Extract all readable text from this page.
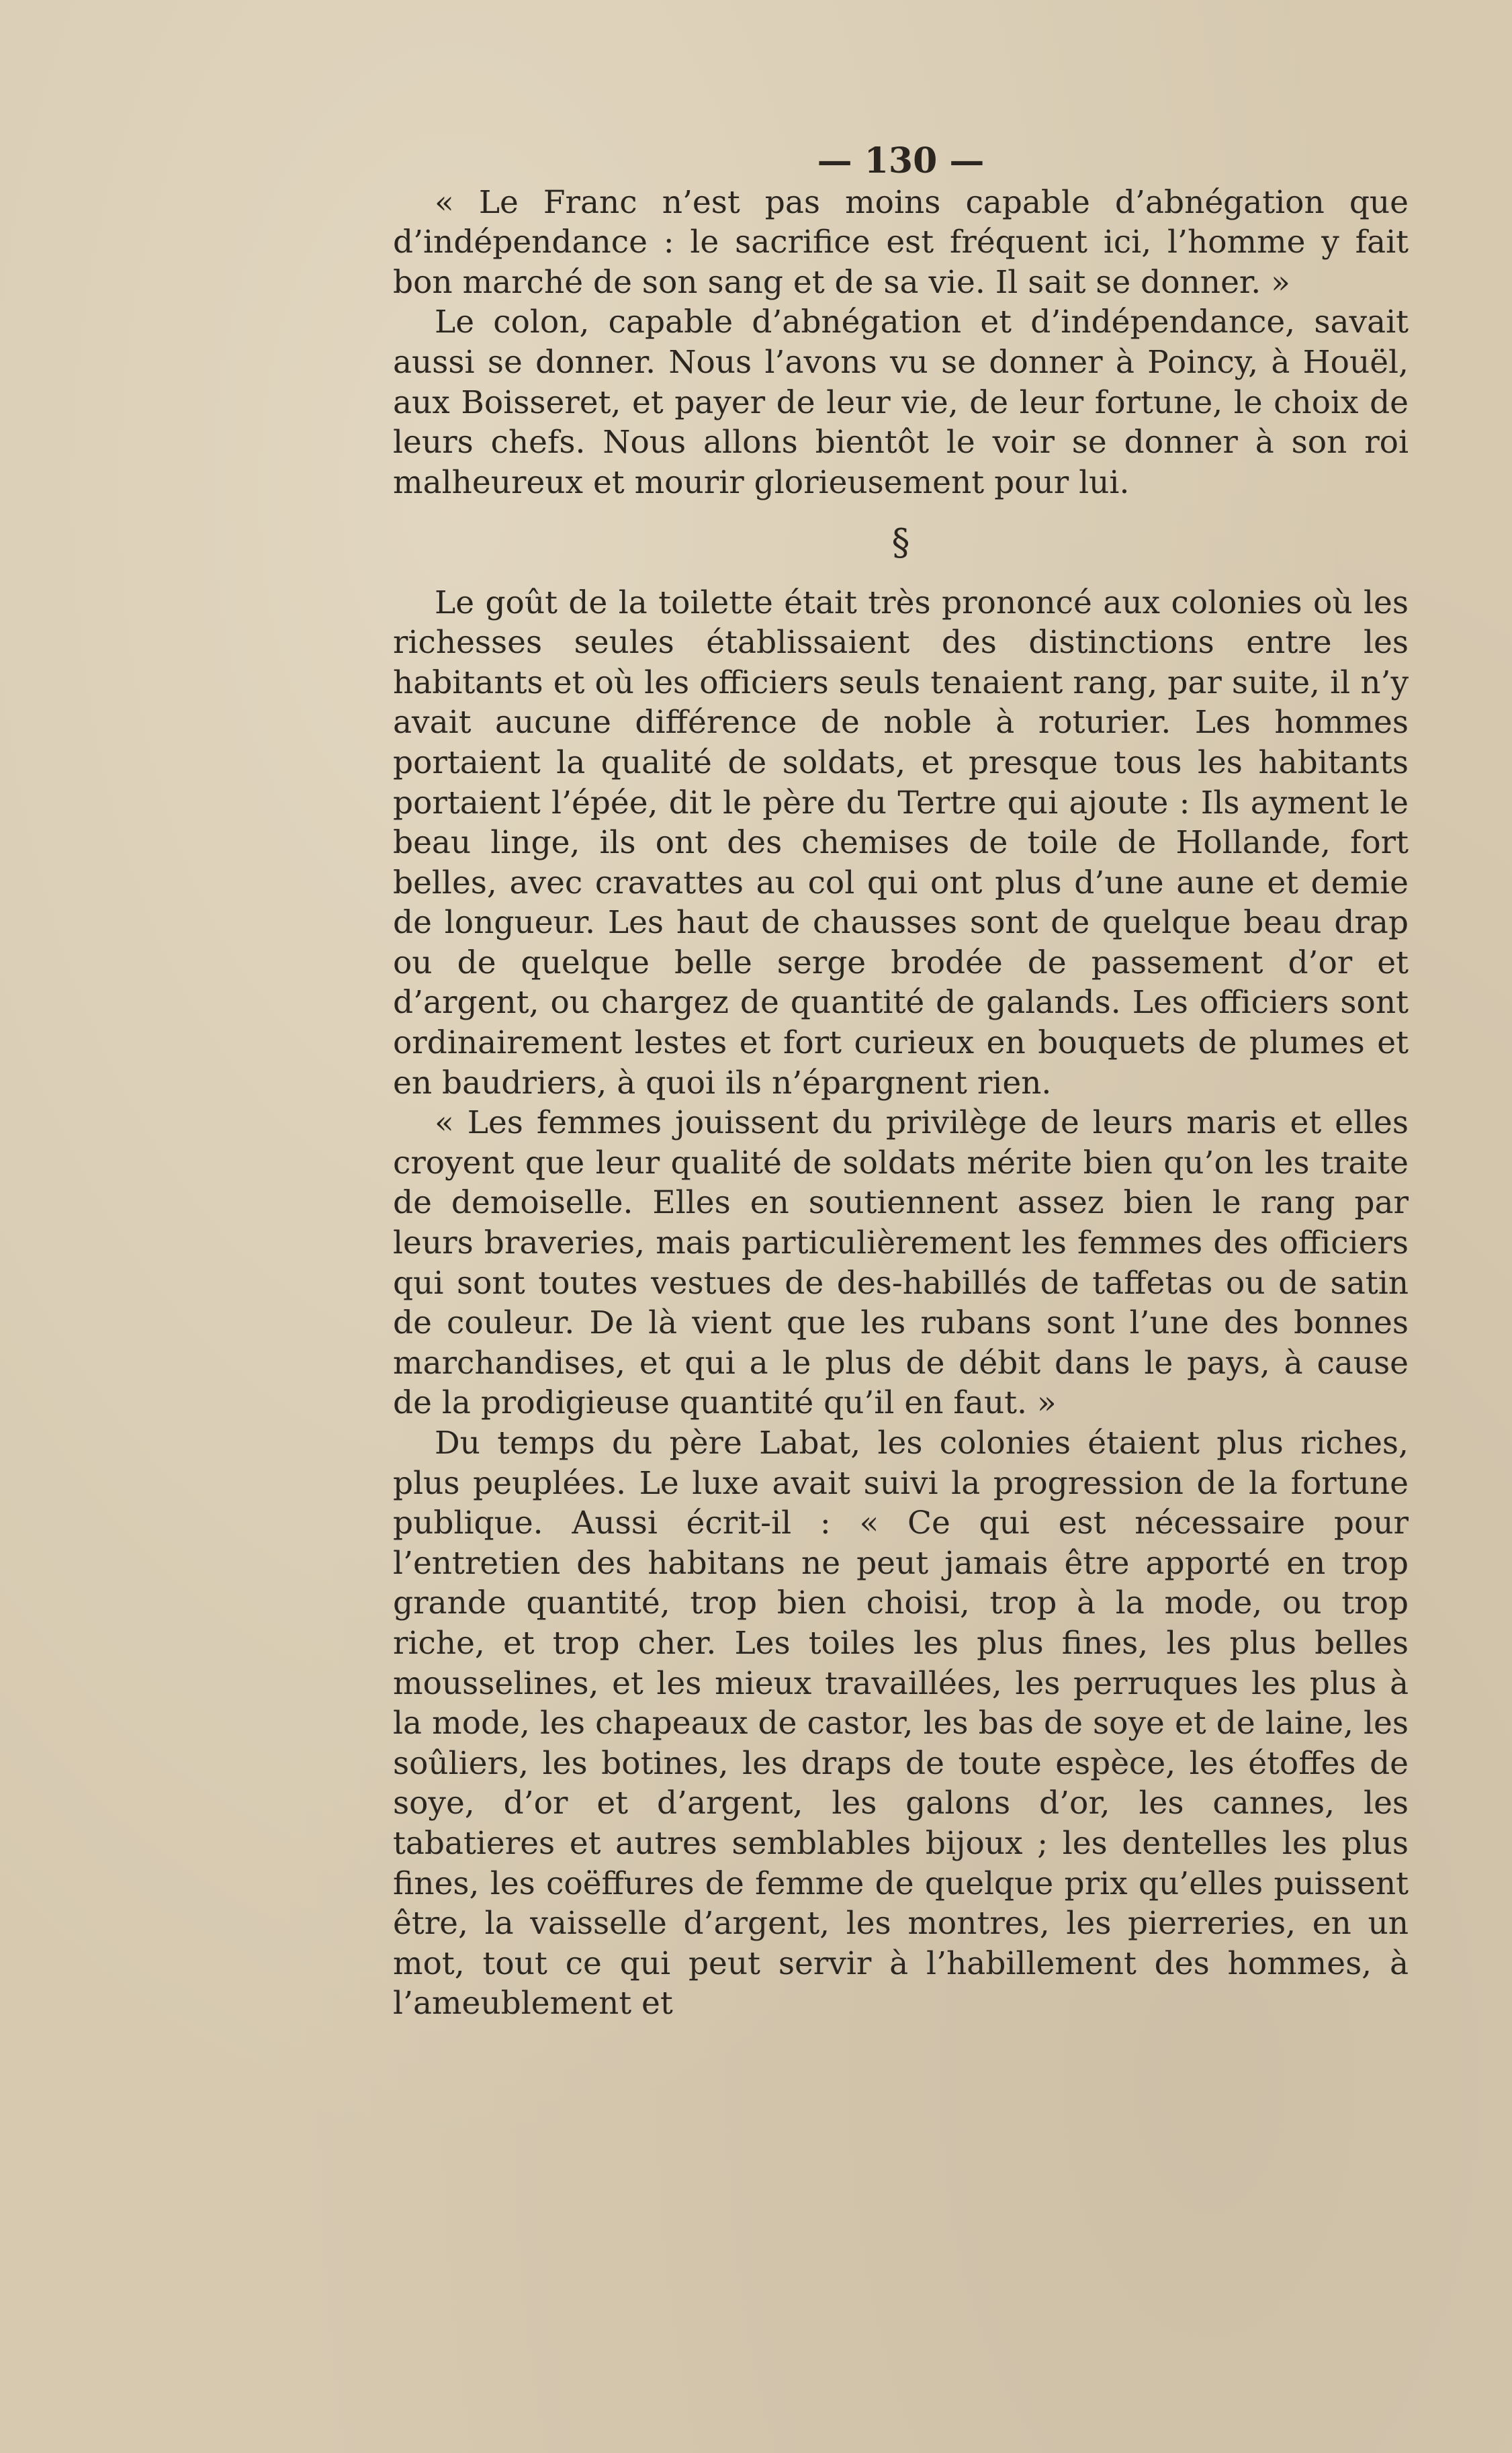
— 130 —

« Le Franc n’est pas moins capable d’abnégation que d’indépendance : le sacrifice est fréquent ici, l’homme y fait bon marché de son sang et de sa vie. Il sait se donner. »

Le colon, capable d’abnégation et d’indépendance, savait aussi se donner. Nous l’avons vu se donner à Poincy, à Houël, aux Boisseret, et payer de leur vie, de leur fortune, le choix de leurs chefs. Nous allons bientôt le voir se donner à son roi malheureux et mourir glorieusement pour lui.

§

Le goût de la toilette était très prononcé aux colonies où les richesses seules établissaient des distinctions entre les habitants et où les officiers seuls tenaient rang, par suite, il n’y avait aucune différence de noble à roturier. Les hommes portaient la qualité de soldats, et presque tous les habitants portaient l’épée, dit le père du Tertre qui ajoute : Ils ayment le beau linge, ils ont des chemises de toile de Hollande, fort belles, avec cravattes au col qui ont plus d’une aune et demie de longueur. Les haut de chausses sont de quelque beau drap ou de quelque belle serge brodée de passement d’or et d’argent, ou chargez de quantité de galands. Les officiers sont ordinairement lestes et fort curieux en bouquets de plumes et en baudriers, à quoi ils n’épargnent rien.

« Les femmes jouissent du privilège de leurs maris et elles croyent que leur qualité de soldats mérite bien qu’on les traite de demoiselle. Elles en soutiennent assez bien le rang par leurs braveries, mais particulièrement les femmes des officiers qui sont toutes vestues de des-habillés de taffetas ou de satin de couleur. De là vient que les rubans sont l’une des bonnes marchandises, et qui a le plus de débit dans le pays, à cause de la prodigieuse quantité qu’il en faut. »

Du temps du père Labat, les colonies étaient plus riches, plus peuplées. Le luxe avait suivi la progression de la fortune publique. Aussi écrit-il : « Ce qui est nécessaire pour l’entretien des habitans ne peut jamais être apporté en trop grande quantité, trop bien choisi, trop à la mode, ou trop riche, et trop cher. Les toiles les plus fines, les plus belles mousselines, et les mieux travaillées, les perruques les plus à la mode, les chapeaux de castor, les bas de soye et de laine, les soûliers, les botines, les draps de toute espèce, les étoffes de soye, d’or et d’argent, les galons d’or, les cannes, les tabatieres et autres semblables bijoux ; les dentelles les plus fines, les coëffures de femme de quelque prix qu’elles puissent être, la vaisselle d’argent, les montres, les pierreries, en un mot, tout ce qui peut servir à l’habillement des hommes, à l’ameublement et
